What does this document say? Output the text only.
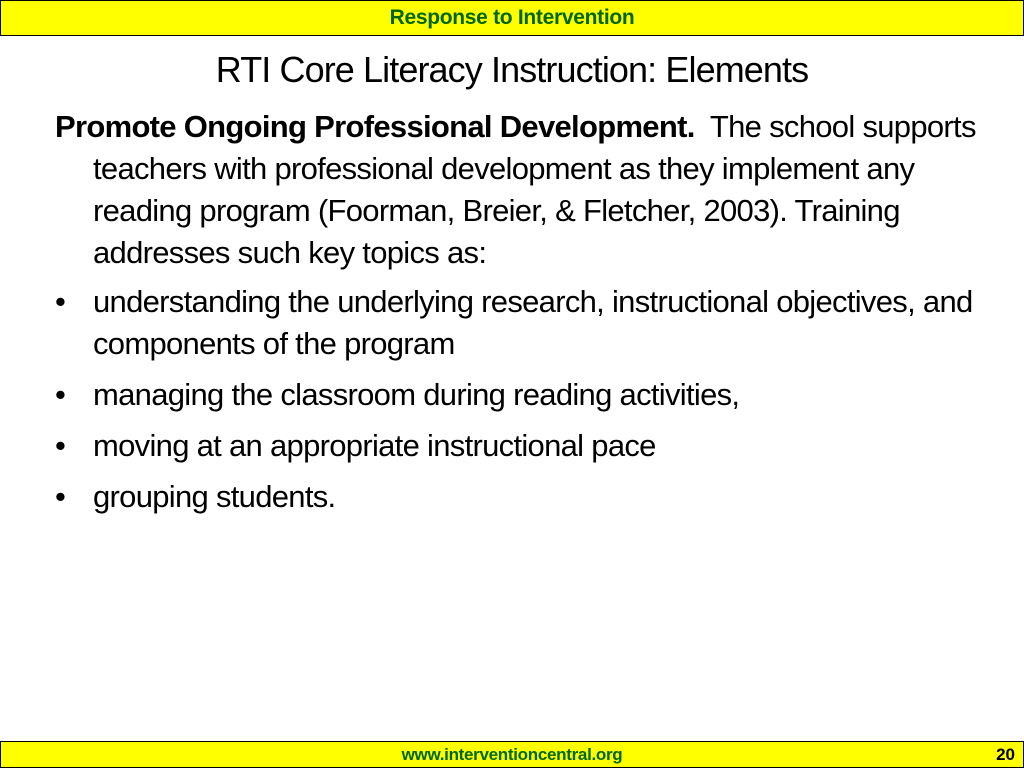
Response to Intervention
RTI Core Literacy Instruction: Elements

Promote Ongoing Professional Development. The school supports teachers with professional development as they implement any reading program (Foorman, Breier, & Fletcher, 2003). Training addresses such key topics as:

• understanding the underlying research, instructional objectives, and components of the program
• managing the classroom during reading activities,
• moving at an appropriate instructional pace
• grouping students.
www.interventioncentral.org	20
